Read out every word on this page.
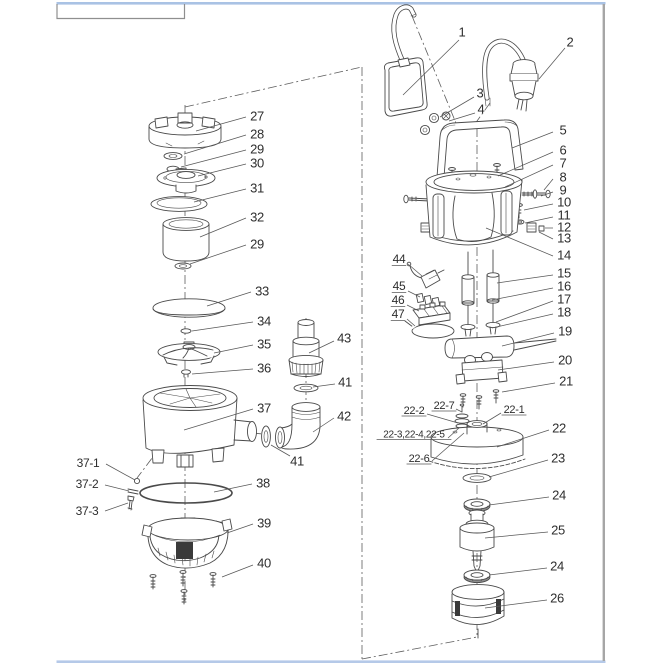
27
28
29
30
31
32
29
33
34
35
36
37
37-1
37-2
37-3
38
39
40
43
41
42
41
1
2
3
4
5
6
7
8
9
10
11
12
13
14
15
16
17
18
19
20
21
22-2 22-7	22-1
22-3,22-4,22-5
22-6
22
23
24
25
24
26
44
45
46
47
